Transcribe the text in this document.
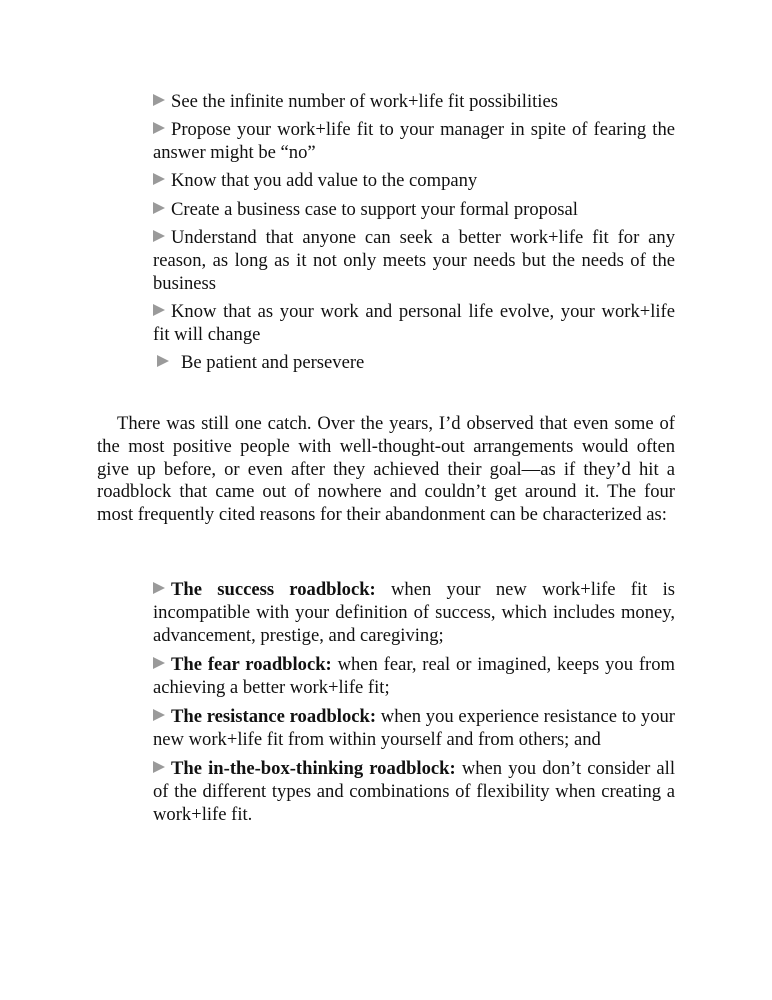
See the infinite number of work+life fit possibilities

Propose your work+life fit to your manager in spite of fearing the answer might be “no”

Know that you add value to the company

Create a business case to support your formal proposal

Understand that anyone can seek a better work+life fit for any reason, as long as it not only meets your needs but the needs of the business

Know that as your work and personal life evolve, your work+life fit will change

Be patient and persevere

There was still one catch. Over the years, I’d observed that even some of the most positive people with well-thought-out arrangements would often give up before, or even after they achieved their goal—as if they’d hit a roadblock that came out of nowhere and couldn’t get around it. The four most frequently cited reasons for their abandonment can be characterized as:

The success roadblock: when your new work+life fit is incompatible with your definition of success, which includes money, advancement, prestige, and caregiving;

The fear roadblock: when fear, real or imagined, keeps you from achieving a better work+life fit;

The resistance roadblock: when you experience resistance to your new work+life fit from within yourself and from others; and

The in-the-box-thinking roadblock: when you don’t consider all of the different types and combinations of flexibility when creating a work+life fit.
